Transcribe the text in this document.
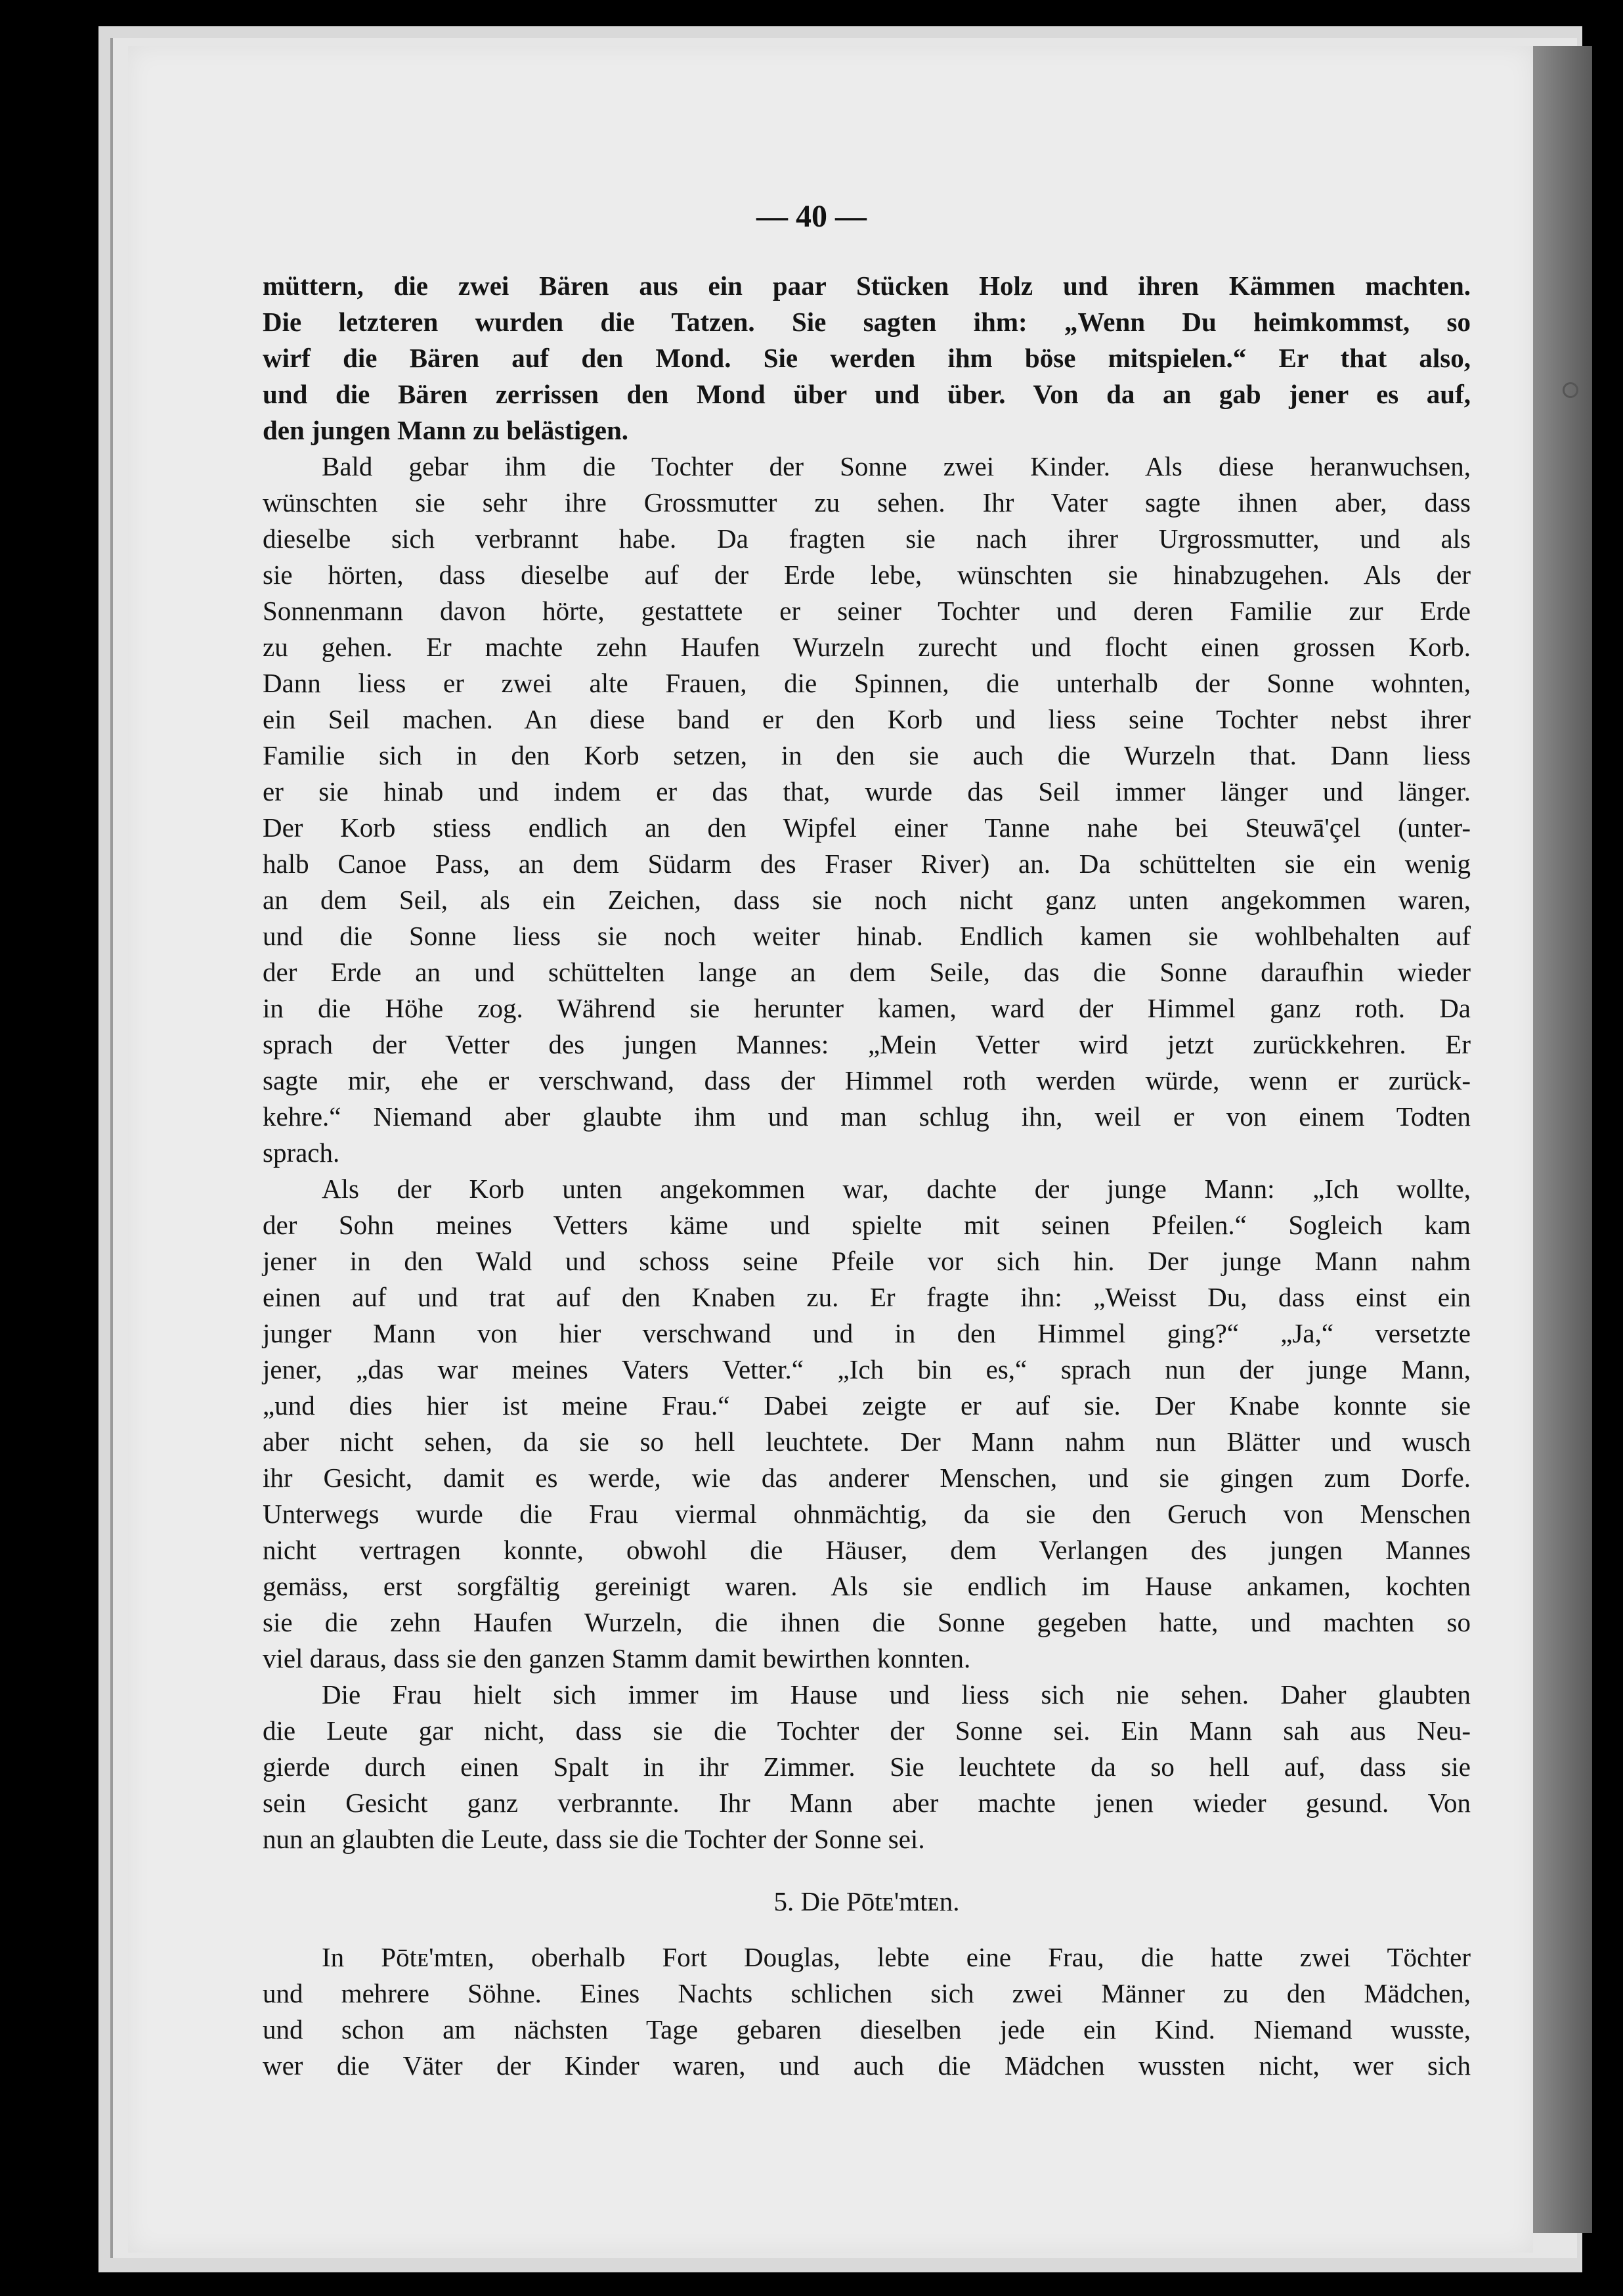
— 40 —
müttern, die zwei Bären aus ein paar Stücken Holz und ihren Kämmen machten.
Die letzteren wurden die Tatzen. Sie sagten ihm: „Wenn Du heimkommst, so
wirf die Bären auf den Mond. Sie werden ihm böse mitspielen.“ Er that also,
und die Bären zerrissen den Mond über und über. Von da an gab jener es auf,
den jungen Mann zu belästigen.
Bald gebar ihm die Tochter der Sonne zwei Kinder. Als diese heranwuchsen,
wünschten sie sehr ihre Grossmutter zu sehen. Ihr Vater sagte ihnen aber, dass
dieselbe sich verbrannt habe. Da fragten sie nach ihrer Urgrossmutter, und als
sie hörten, dass dieselbe auf der Erde lebe, wünschten sie hinabzugehen. Als der
Sonnenmann davon hörte, gestattete er seiner Tochter und deren Familie zur Erde
zu gehen. Er machte zehn Haufen Wurzeln zurecht und flocht einen grossen Korb.
Dann liess er zwei alte Frauen, die Spinnen, die unterhalb der Sonne wohnten,
ein Seil machen. An diese band er den Korb und liess seine Tochter nebst ihrer
Familie sich in den Korb setzen, in den sie auch die Wurzeln that. Dann liess
er sie hinab und indem er das that, wurde das Seil immer länger und länger.
Der Korb stiess endlich an den Wipfel einer Tanne nahe bei Steuwā'çel (unter-
halb Canoe Pass, an dem Südarm des Fraser River) an. Da schüttelten sie ein wenig
an dem Seil, als ein Zeichen, dass sie noch nicht ganz unten angekommen waren,
und die Sonne liess sie noch weiter hinab. Endlich kamen sie wohlbehalten auf
der Erde an und schüttelten lange an dem Seile, das die Sonne daraufhin wieder
in die Höhe zog. Während sie herunter kamen, ward der Himmel ganz roth. Da
sprach der Vetter des jungen Mannes: „Mein Vetter wird jetzt zurückkehren. Er
sagte mir, ehe er verschwand, dass der Himmel roth werden würde, wenn er zurück-
kehre.“ Niemand aber glaubte ihm und man schlug ihn, weil er von einem Todten
sprach.
Als der Korb unten angekommen war, dachte der junge Mann: „Ich wollte,
der Sohn meines Vetters käme und spielte mit seinen Pfeilen.“ Sogleich kam
jener in den Wald und schoss seine Pfeile vor sich hin. Der junge Mann nahm
einen auf und trat auf den Knaben zu. Er fragte ihn: „Weisst Du, dass einst ein
junger Mann von hier verschwand und in den Himmel ging?“ „Ja,“ versetzte
jener, „das war meines Vaters Vetter.“ „Ich bin es,“ sprach nun der junge Mann,
„und dies hier ist meine Frau.“ Dabei zeigte er auf sie. Der Knabe konnte sie
aber nicht sehen, da sie so hell leuchtete. Der Mann nahm nun Blätter und wusch
ihr Gesicht, damit es werde, wie das anderer Menschen, und sie gingen zum Dorfe.
Unterwegs wurde die Frau viermal ohnmächtig, da sie den Geruch von Menschen
nicht vertragen konnte, obwohl die Häuser, dem Verlangen des jungen Mannes
gemäss, erst sorgfältig gereinigt waren. Als sie endlich im Hause ankamen, kochten
sie die zehn Haufen Wurzeln, die ihnen die Sonne gegeben hatte, und machten so
viel daraus, dass sie den ganzen Stamm damit bewirthen konnten.
Die Frau hielt sich immer im Hause und liess sich nie sehen. Daher glaubten
die Leute gar nicht, dass sie die Tochter der Sonne sei. Ein Mann sah aus Neu-
gierde durch einen Spalt in ihr Zimmer. Sie leuchtete da so hell auf, dass sie
sein Gesicht ganz verbrannte. Ihr Mann aber machte jenen wieder gesund. Von
nun an glaubten die Leute, dass sie die Tochter der Sonne sei.
5. Die Pōtᴇ'mtᴇn.
In Pōtᴇ'mtᴇn, oberhalb Fort Douglas, lebte eine Frau, die hatte zwei Töchter
und mehrere Söhne. Eines Nachts schlichen sich zwei Männer zu den Mädchen,
und schon am nächsten Tage gebaren dieselben jede ein Kind. Niemand wusste,
wer die Väter der Kinder waren, und auch die Mädchen wussten nicht, wer sich
